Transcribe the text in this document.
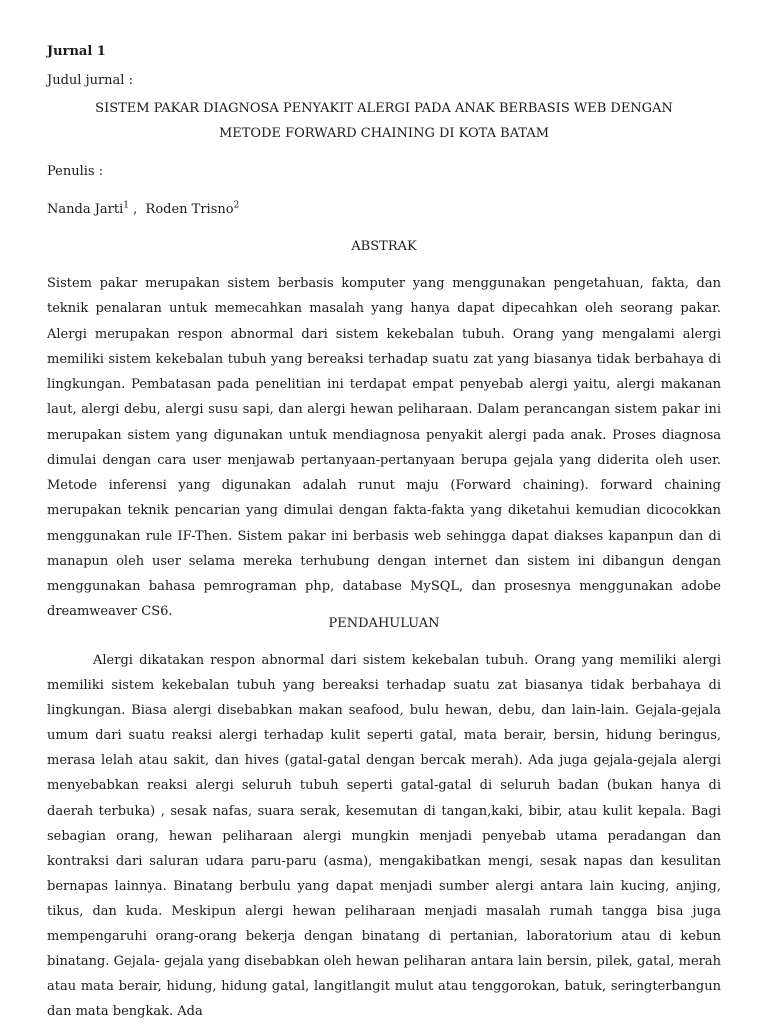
Jurnal 1
Judul jurnal :
SISTEM PAKAR DIAGNOSA PENYAKIT ALERGI PADA ANAK BERBASIS WEB DENGAN
METODE FORWARD CHAINING DI KOTA BATAM
Penulis :
Nanda Jarti$^1$ ,  Roden Trisno$^2$
ABSTRAK

Sistem pakar merupakan sistem berbasis komputer yang menggunakan pengetahuan, fakta, dan teknik penalaran untuk memecahkan masalah yang hanya dapat dipecahkan oleh seorang pakar. Alergi merupakan respon abnormal dari sistem kekebalan tubuh. Orang yang mengalami alergi memiliki sistem kekebalan tubuh yang bereaksi terhadap suatu zat yang biasanya tidak berbahaya di lingkungan. Pembatasan pada penelitian ini terdapat empat penyebab alergi yaitu, alergi makanan laut, alergi debu, alergi susu sapi, dan alergi hewan peliharaan. Dalam perancangan sistem pakar ini merupakan sistem yang digunakan untuk mendiagnosa penyakit alergi pada anak. Proses diagnosa dimulai dengan cara user menjawab pertanyaan-pertanyaan berupa gejala yang diderita oleh user. Metode inferensi yang digunakan adalah runut maju (Forward chaining). forward chaining merupakan teknik pencarian yang dimulai dengan fakta-fakta yang diketahui kemudian dicocokkan menggunakan rule IF-Then. Sistem pakar ini berbasis web sehingga dapat diakses kapanpun dan di manapun oleh user selama mereka terhubung dengan internet dan sistem ini dibangun dengan menggunakan bahasa pemrograman php, database MySQL, dan prosesnya menggunakan adobe dreamweaver CS6.

PENDAHULUAN

Alergi dikatakan respon abnormal dari sistem kekebalan tubuh. Orang yang memiliki alergi memiliki sistem kekebalan tubuh yang bereaksi terhadap suatu zat biasanya tidak berbahaya di lingkungan. Biasa alergi disebabkan makan seafood, bulu hewan, debu, dan lain-lain. Gejala-gejala umum dari suatu reaksi alergi terhadap kulit seperti gatal, mata berair, bersin, hidung beringus, merasa lelah atau sakit, dan hives (gatal-gatal dengan bercak merah). Ada juga gejala-gejala alergi menyebabkan reaksi alergi seluruh tubuh seperti gatal-gatal di seluruh badan (bukan hanya di daerah terbuka) , sesak nafas, suara serak, kesemutan di tangan,kaki, bibir, atau kulit kepala. Bagi sebagian orang, hewan peliharaan alergi mungkin menjadi penyebab utama peradangan dan kontraksi dari saluran udara paru-paru (asma), mengakibatkan mengi, sesak napas dan kesulitan bernapas lainnya. Binatang berbulu yang dapat menjadi sumber alergi antara lain kucing, anjing, tikus, dan kuda. Meskipun alergi hewan peliharaan menjadi masalah rumah tangga bisa juga mempengaruhi orang-orang bekerja dengan binatang di pertanian, laboratorium atau di kebun binatang. Gejala- gejala yang disebabkan oleh hewan peliharan antara lain bersin, pilek, gatal, merah atau mata berair, hidung, hidung gatal, langitlangit mulut atau tenggorokan, batuk, seringterbangun dan mata bengkak. Ada
